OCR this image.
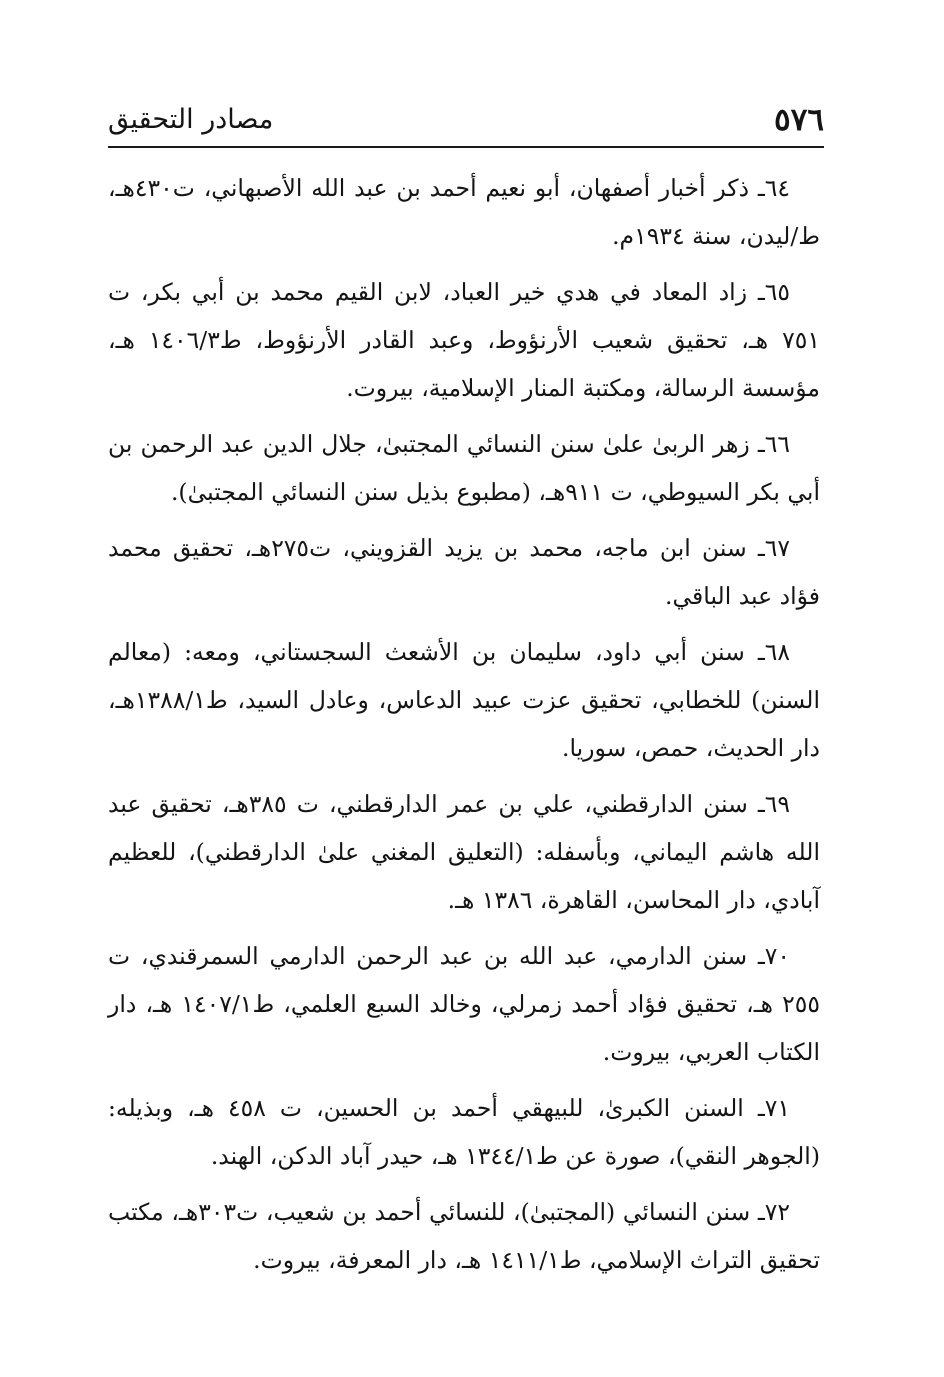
٥٧٦
مصادر التحقيق

٦٤ـ ذكر أخبار أصفهان، أبو نعيم أحمد بن عبد الله الأصبهاني، ت٤٣٠هـ، ط/ليدن، سنة ١٩٣٤م.

٦٥ـ زاد المعاد في هدي خير العباد، لابن القيم محمد بن أبي بكر، ت ٧٥١ هـ، تحقيق شعيب الأرنؤوط، وعبد القادر الأرنؤوط، ط١٤٠٦/٣ هـ، مؤسسة الرسالة، ومكتبة المنار الإسلامية، بيروت.

٦٦ـ زهر الربىٰ علىٰ سنن النسائي المجتبىٰ، جلال الدين عبد الرحمن بن أبي بكر السيوطي، ت ٩١١هـ، (مطبوع بذيل سنن النسائي المجتبىٰ).

٦٧ـ سنن ابن ماجه، محمد بن يزيد القزويني، ت٢٧٥هـ، تحقيق محمد فؤاد عبد الباقي.

٦٨ـ سنن أبي داود، سليمان بن الأشعث السجستاني، ومعه: (معالم السنن) للخطابي، تحقيق عزت عبيد الدعاس، وعادل السيد، ط١٣٨٨/١هـ، دار الحديث، حمص، سوريا.

٦٩ـ سنن الدارقطني، علي بن عمر الدارقطني، ت ٣٨٥هـ، تحقيق عبد الله هاشم اليماني، وبأسفله: (التعليق المغني علىٰ الدارقطني)، للعظيم آبادي، دار المحاسن، القاهرة، ١٣٨٦ هـ.

٧٠ـ سنن الدارمي، عبد الله بن عبد الرحمن الدارمي السمرقندي، ت ٢٥٥ هـ، تحقيق فؤاد أحمد زمرلي، وخالد السبع العلمي، ط١٤٠٧/١ هـ، دار الكتاب العربي، بيروت.

٧١ـ السنن الكبرىٰ، للبيهقي أحمد بن الحسين، ت ٤٥٨ هـ، وبذيله: (الجوهر النقي)، صورة عن ط١٣٤٤/١ هـ، حيدر آباد الدكن، الهند.

٧٢ـ سنن النسائي (المجتبىٰ)، للنسائي أحمد بن شعيب، ت٣٠٣هـ، مكتب تحقيق التراث الإسلامي، ط١٤١١/١ هـ، دار المعرفة، بيروت.
